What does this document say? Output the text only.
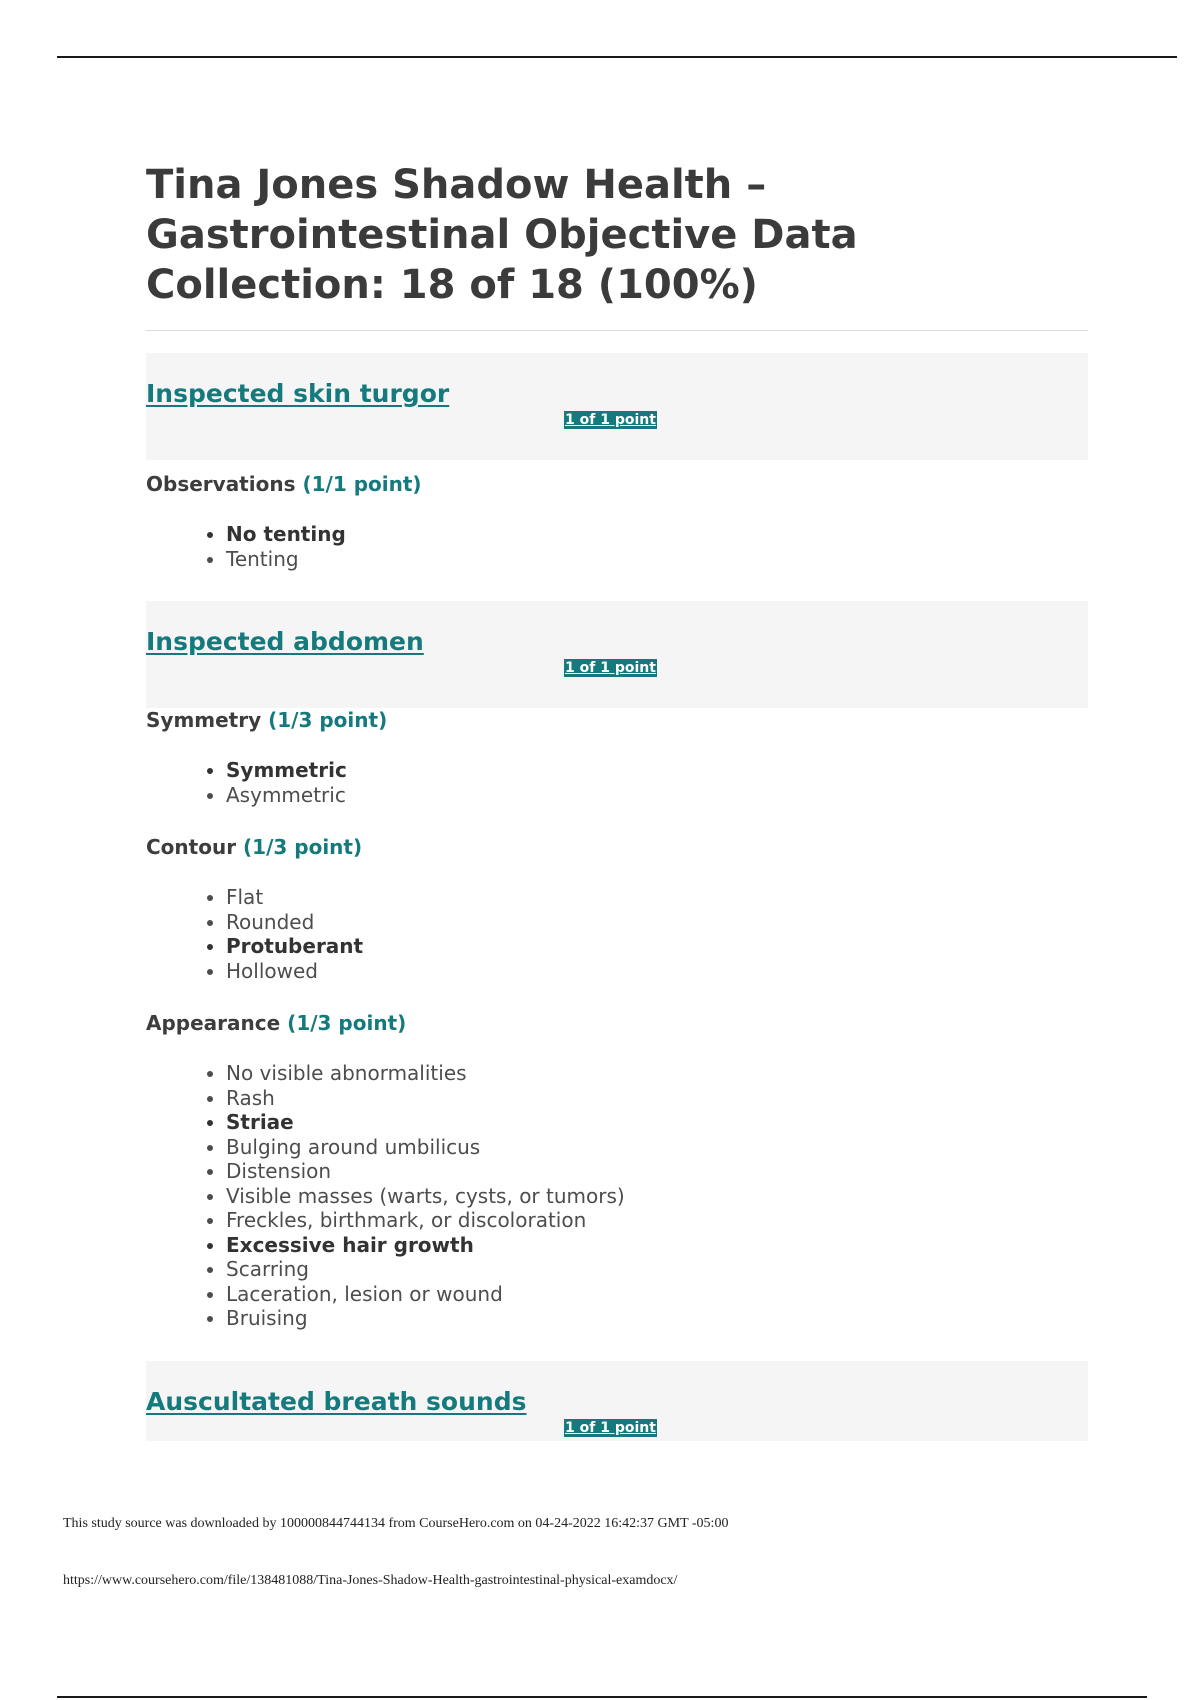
Tina Jones Shadow Health – Gastrointestinal Objective Data Collection: 18 of 18 (100%)
Inspected skin turgor
1 of 1 point

Observations (1/1 point)

• No tenting
• Tenting
Inspected abdomen
1 of 1 point

Symmetry (1/3 point)

• Symmetric
• Asymmetric

Contour (1/3 point)

• Flat
• Rounded
• Protuberant
• Hollowed

Appearance (1/3 point)

• No visible abnormalities
• Rash
• Striae
• Bulging around umbilicus
• Distension
• Visible masses (warts, cysts, or tumors)
• Freckles, birthmark, or discoloration
• Excessive hair growth
• Scarring
• Laceration, lesion or wound
• Bruising
Auscultated breath sounds
1 of 1 point
This study source was downloaded by 100000844744134 from CourseHero.com on 04-24-2022 16:42:37 GMT -05:00
https://www.coursehero.com/file/138481088/Tina-Jones-Shadow-Health-gastrointestinal-physical-examdocx/
